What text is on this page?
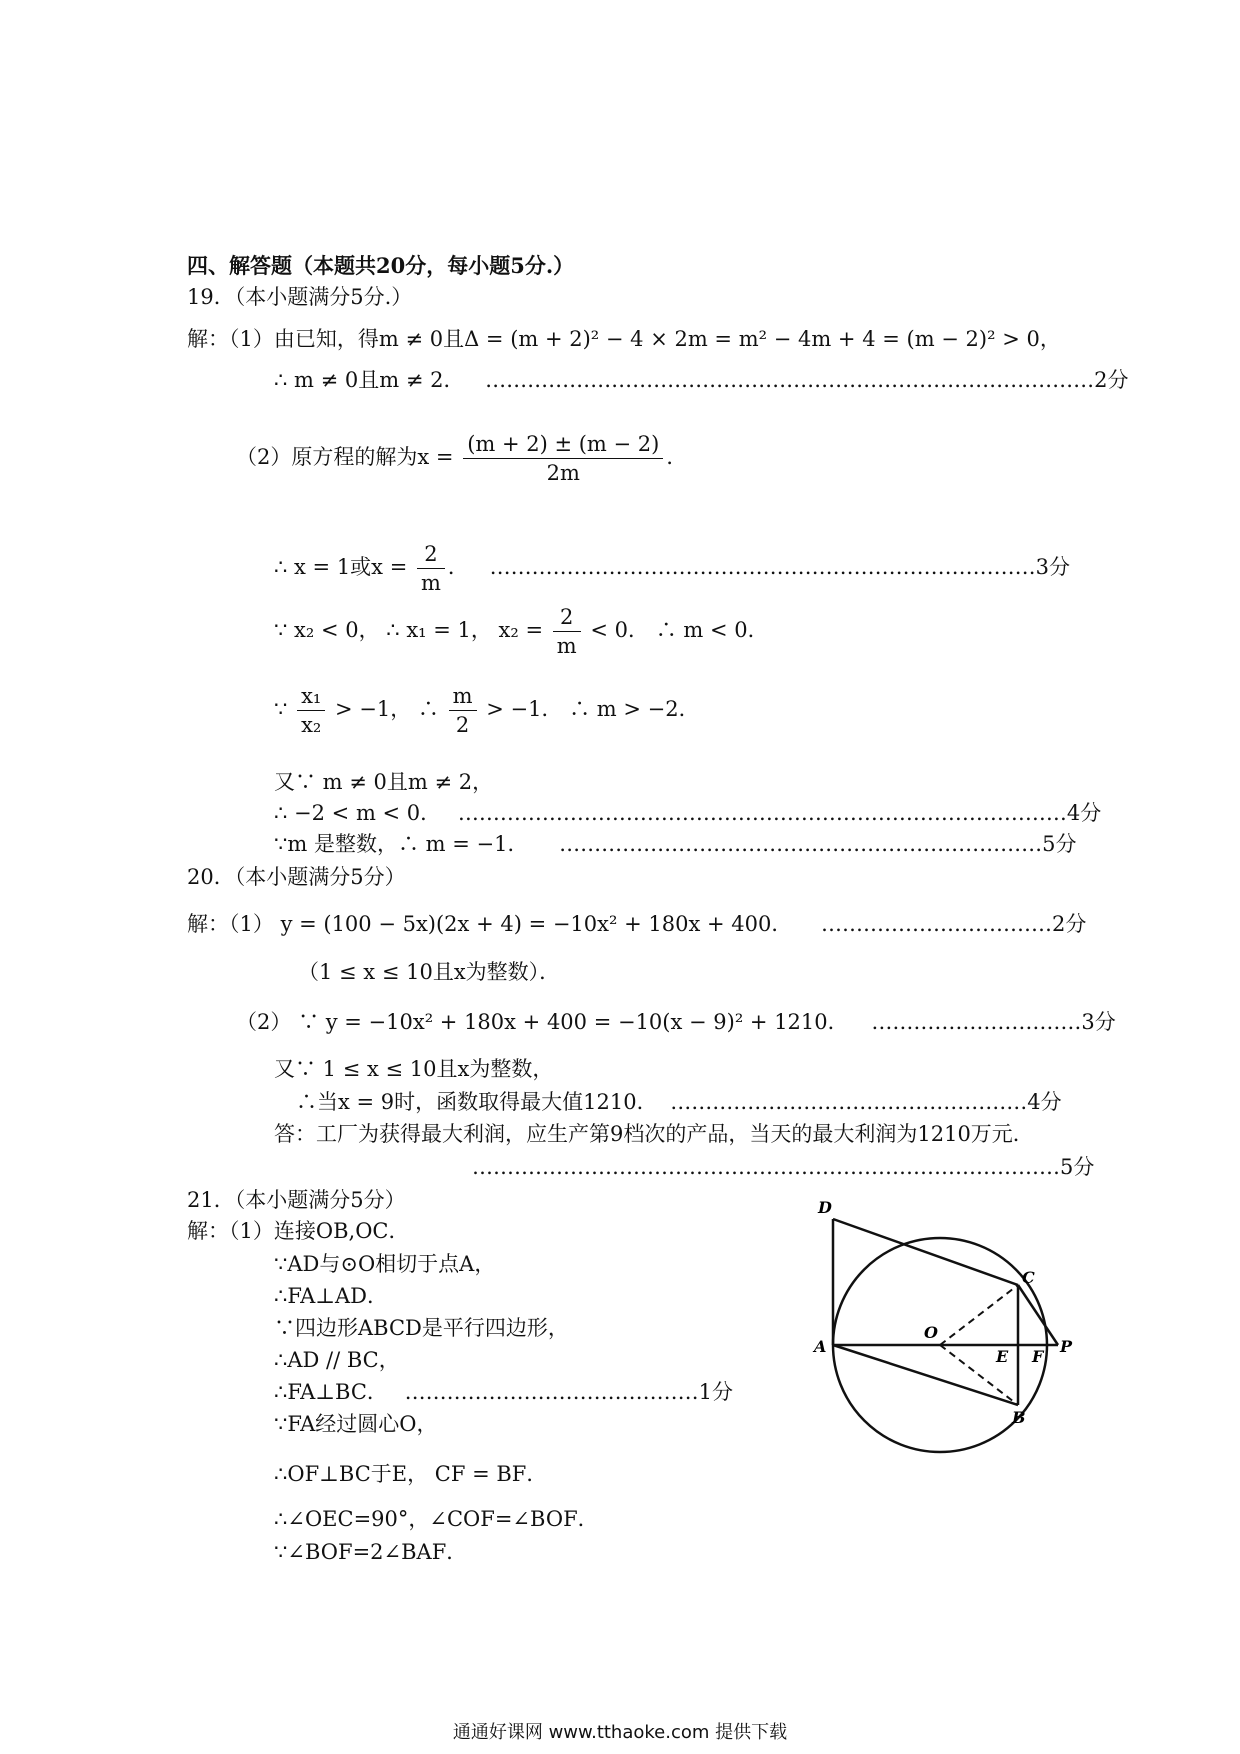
四、解答题（本题共20分，每小题5分.）
19．（本小题满分5分.）
解：（1）由已知，得m ≠ 0且Δ = (m + 2)² − 4 × 2m = m² − 4m + 4 = (m − 2)² > 0，
∴ m ≠ 0且m ≠ 2． ……………………………………………………………………………2分
（2）原方程的解为$x = \frac{(m + 2) \pm (m - 2)}{2m}$ ．
∴ x = 1或$x = \frac{2}{m}$ ． ……………………………………………………………………3分
∵ x₂ < 0， ∴ x₁ = 1， $x_2 = \frac{2}{m} < 0$． ∴ m < 0．
∵ $\frac{\text{x₁}}{\text{x₂}} > -1$， ∴ $\frac{m}{2} > -1$． ∴ m > −2．
又∵ m ≠ 0且m ≠ 2，
∴ −2 < m < 0． ……………………………………………………………………………4分
∵m 是整数，∴ m = −1． ……………………………………………………………5分
20．（本小题满分5分）
解：（1） y = (100 − 5x)(2x + 4) = −10x² + 180x + 400． ……………………………2分
（1 ≤ x ≤ 10且x为整数）．
（2） ∵ y = −10x² + 180x + 400 = −10(x − 9)² + 1210． …………………………3分
又∵ 1 ≤ x ≤ 10且x为整数，
∴当x = 9时，函数取得最大值1210． ……………………………………………4分
答：工厂为获得最大利润，应生产第9档次的产品，当天的最大利润为1210万元．
…………………………………………………………………………5分
21．（本小题满分5分）
解：（1）连接OB,OC．
∵AD与⊙O相切于点A，
∴FA⊥AD．
∵四边形ABCD是平行四边形，
∴AD // BC，
∴FA⊥BC． ……………………………………1分
∵FA经过圆心O，
∴OF⊥BC于E， CF = BF．
∴∠OEC=90°，∠COF=∠BOF．
∵∠BOF=2∠BAF．
D
C
O
A
E F
P
B
通通好课网 www.tthaoke.com 提供下载
